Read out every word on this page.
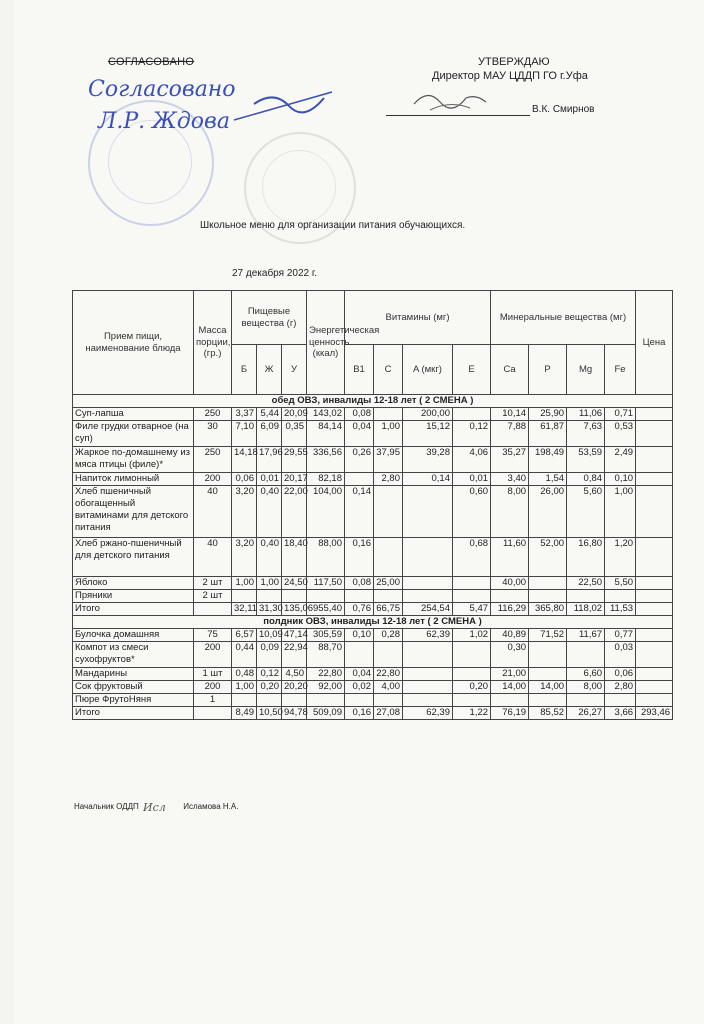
СОГЛАСОВАНО	УТВЕРЖДАЮ
Директор МАУ ЦДДП ГО г.Уфа
В.К. Смирнов
Согласовано
Л.Р. Ждова
Школьное меню для организации питания обучающихся.
27 декабря 2022 г.
Прием пищи, наименование блюда	Масса порции, (гр.)	Пищевые вещества (г)			Энергетическая ценность (ккал)	Витамины (мг)				Минеральные вещества (мг)				Цена
		Б	Ж	У		B1	C	A (мкг)	E	Ca	P	Mg	Fe	
обед ОВЗ, инвалиды 12-18 лет ( 2 СМЕНА )														
Суп-лапша	250	3,37	5,44	20,09	143,02	0,08		200,00		10,14	25,90	11,06	0,71	
Филе грудки отварное (на суп)	30	7,10	6,09	0,35	84,14	0,04	1,00	15,12	0,12	7,88	61,87	7,63	0,53	
Жаркое по-домашнему из мяса птицы (филе)*	250	14,18	17,96	29,55	336,56	0,26	37,95	39,28	4,06	35,27	198,49	53,59	2,49	
Напиток лимонный	200	0,06	0,01	20,17	82,18		2,80	0,14	0,01	3,40	1,54	0,84	0,10	
Хлеб пшеничный обогащенный витаминами для детского питания	40	3,20	0,40	22,00	104,00	0,14			0,60	8,00	26,00	5,60	1,00	
Хлеб ржано-пшеничный для детского питания	40	3,20	0,40	18,40	88,00	0,16			0,68	11,60	52,00	16,80	1,20	
Яблоко	2 шт	1,00	1,00	24,50	117,50	0,08	25,00			40,00		22,50	5,50	
Пряники	2 шт													
Итого		32,11	31,30	135,06	955,40	0,76	66,75	254,54	5,47	116,29	365,80	118,02	11,53	
полдник ОВЗ, инвалиды 12-18 лет ( 2 СМЕНА )														
Булочка домашняя	75	6,57	10,09	47,14	305,59	0,10	0,28	62,39	1,02	40,89	71,52	11,67	0,77	
Компот из смеси сухофруктов*	200	0,44	0,09	22,94	88,70					0,30			0,03	
Мандарины	1 шт	0,48	0,12	4,50	22,80	0,04	22,80			21,00		6,60	0,06	
Сок фруктовый	200	1,00	0,20	20,20	92,00	0,02	4,00		0,20	14,00	14,00	8,00	2,80	
Пюре ФрутоНяня	1													
Итого		8,49	10,50	94,78	509,09	0,16	27,08	62,39	1,22	76,19	85,52	26,27	3,66	293,46
Начальник ОДДП Исл Исламова Н.А.
